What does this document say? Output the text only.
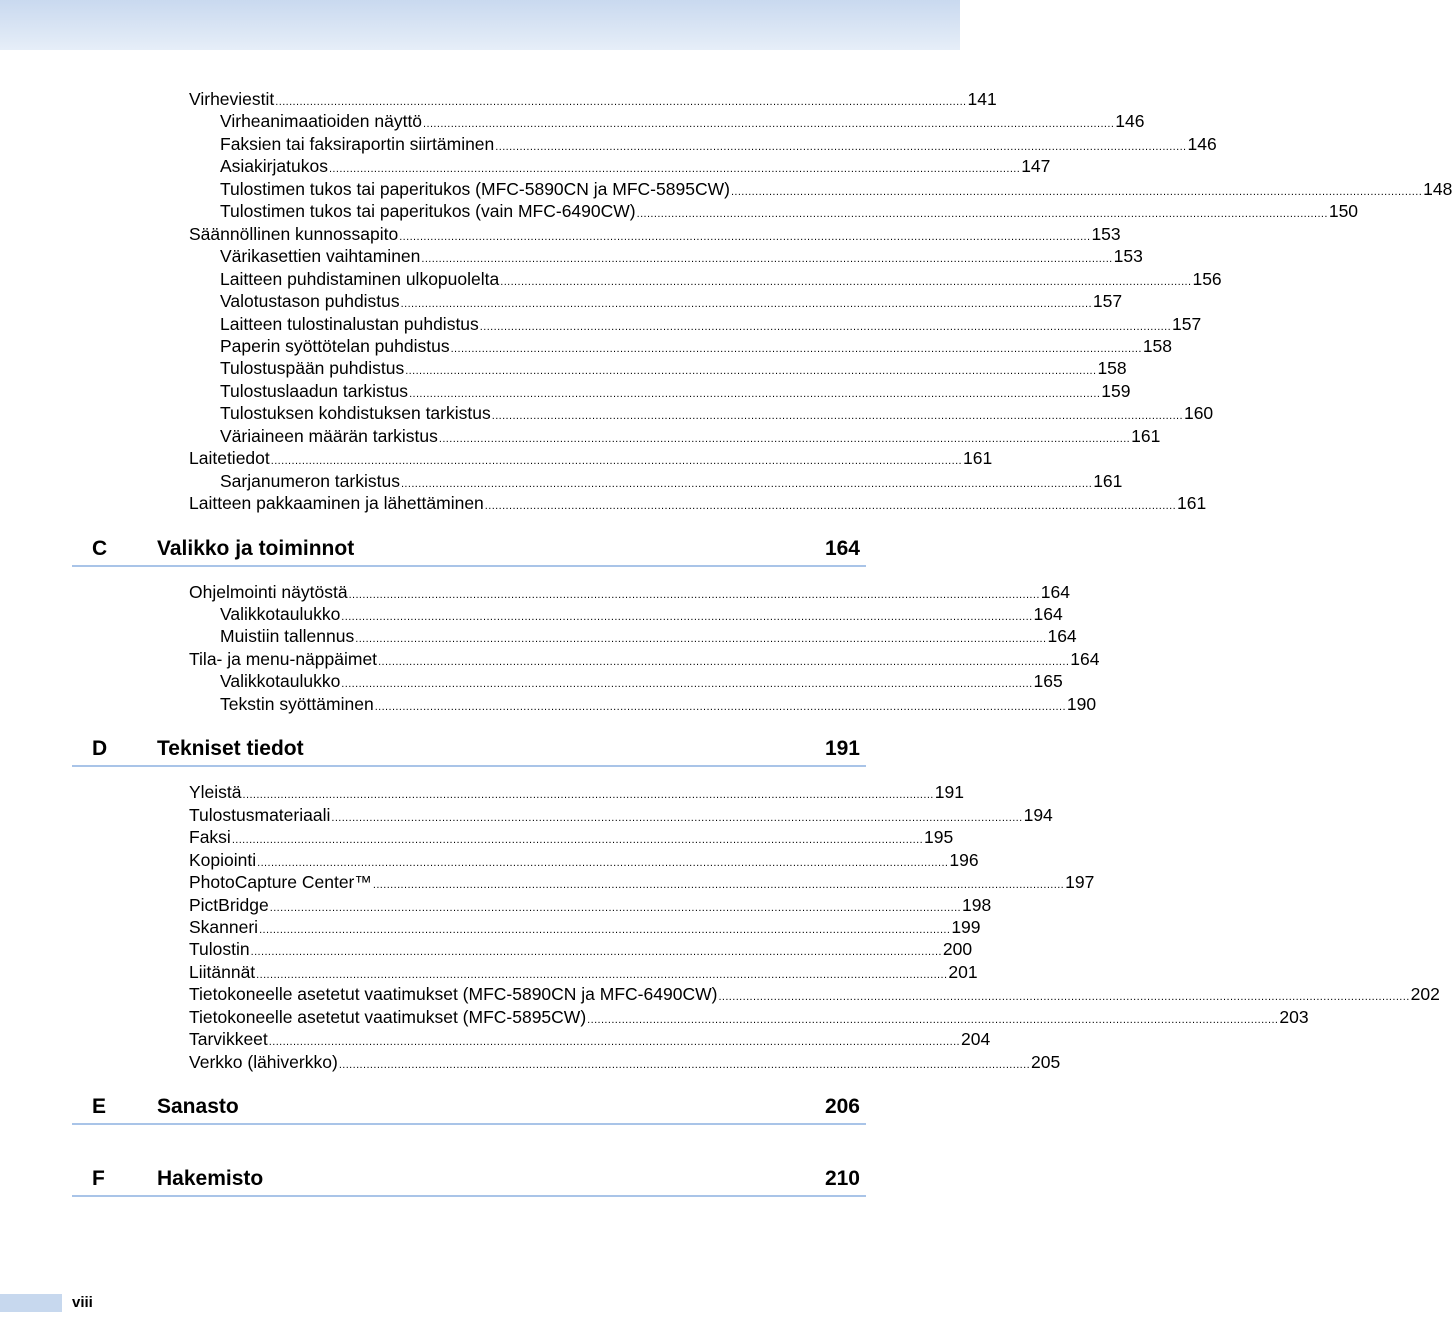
Virheviestit ........................................................................................................................................................................................................ 141
Virheanimaatioiden näyttö ........................................................................................................................................................................................................ 146
Faksien tai faksiraportin siirtäminen ........................................................................................................................................................................................................ 146
Asiakirjatukos ........................................................................................................................................................................................................ 147
Tulostimen tukos tai paperitukos (MFC-5890CN ja MFC-5895CW) ........................................................................................................................................................................................................ 148
Tulostimen tukos tai paperitukos (vain MFC-6490CW) ........................................................................................................................................................................................................ 150
Säännöllinen kunnossapito ........................................................................................................................................................................................................ 153
Värikasettien vaihtaminen ........................................................................................................................................................................................................ 153
Laitteen puhdistaminen ulkopuolelta ........................................................................................................................................................................................................ 156
Valotustason puhdistus ........................................................................................................................................................................................................ 157
Laitteen tulostinalustan puhdistus ........................................................................................................................................................................................................ 157
Paperin syöttötelan puhdistus ........................................................................................................................................................................................................ 158
Tulostuspään puhdistus ........................................................................................................................................................................................................ 158
Tulostuslaadun tarkistus ........................................................................................................................................................................................................ 159
Tulostuksen kohdistuksen tarkistus ........................................................................................................................................................................................................ 160
Väriaineen määrän tarkistus ........................................................................................................................................................................................................ 161
Laitetiedot ........................................................................................................................................................................................................ 161
Sarjanumeron tarkistus ........................................................................................................................................................................................................ 161
Laitteen pakkaaminen ja lähettäminen ........................................................................................................................................................................................................ 161
C Valikko ja toiminnot	164
Ohjelmointi näytöstä ........................................................................................................................................................................................................ 164
Valikkotaulukko ........................................................................................................................................................................................................ 164
Muistiin tallennus ........................................................................................................................................................................................................ 164
Tila- ja menu-näppäimet ........................................................................................................................................................................................................ 164
Valikkotaulukko ........................................................................................................................................................................................................ 165
Tekstin syöttäminen ........................................................................................................................................................................................................ 190
D Tekniset tiedot	191
Yleistä ........................................................................................................................................................................................................ 191
Tulostusmateriaali ........................................................................................................................................................................................................ 194
Faksi ........................................................................................................................................................................................................ 195
Kopiointi ........................................................................................................................................................................................................ 196
PhotoCapture Center™ ........................................................................................................................................................................................................ 197
PictBridge ........................................................................................................................................................................................................ 198
Skanneri ........................................................................................................................................................................................................ 199
Tulostin ........................................................................................................................................................................................................ 200
Liitännät ........................................................................................................................................................................................................ 201
Tietokoneelle asetetut vaatimukset (MFC-5890CN ja MFC-6490CW) ........................................................................................................................................................................................................ 202
Tietokoneelle asetetut vaatimukset (MFC-5895CW) ........................................................................................................................................................................................................ 203
Tarvikkeet ........................................................................................................................................................................................................ 204
Verkko (lähiverkko) ........................................................................................................................................................................................................ 205
E Sanasto	206
F Hakemisto	210
viii
